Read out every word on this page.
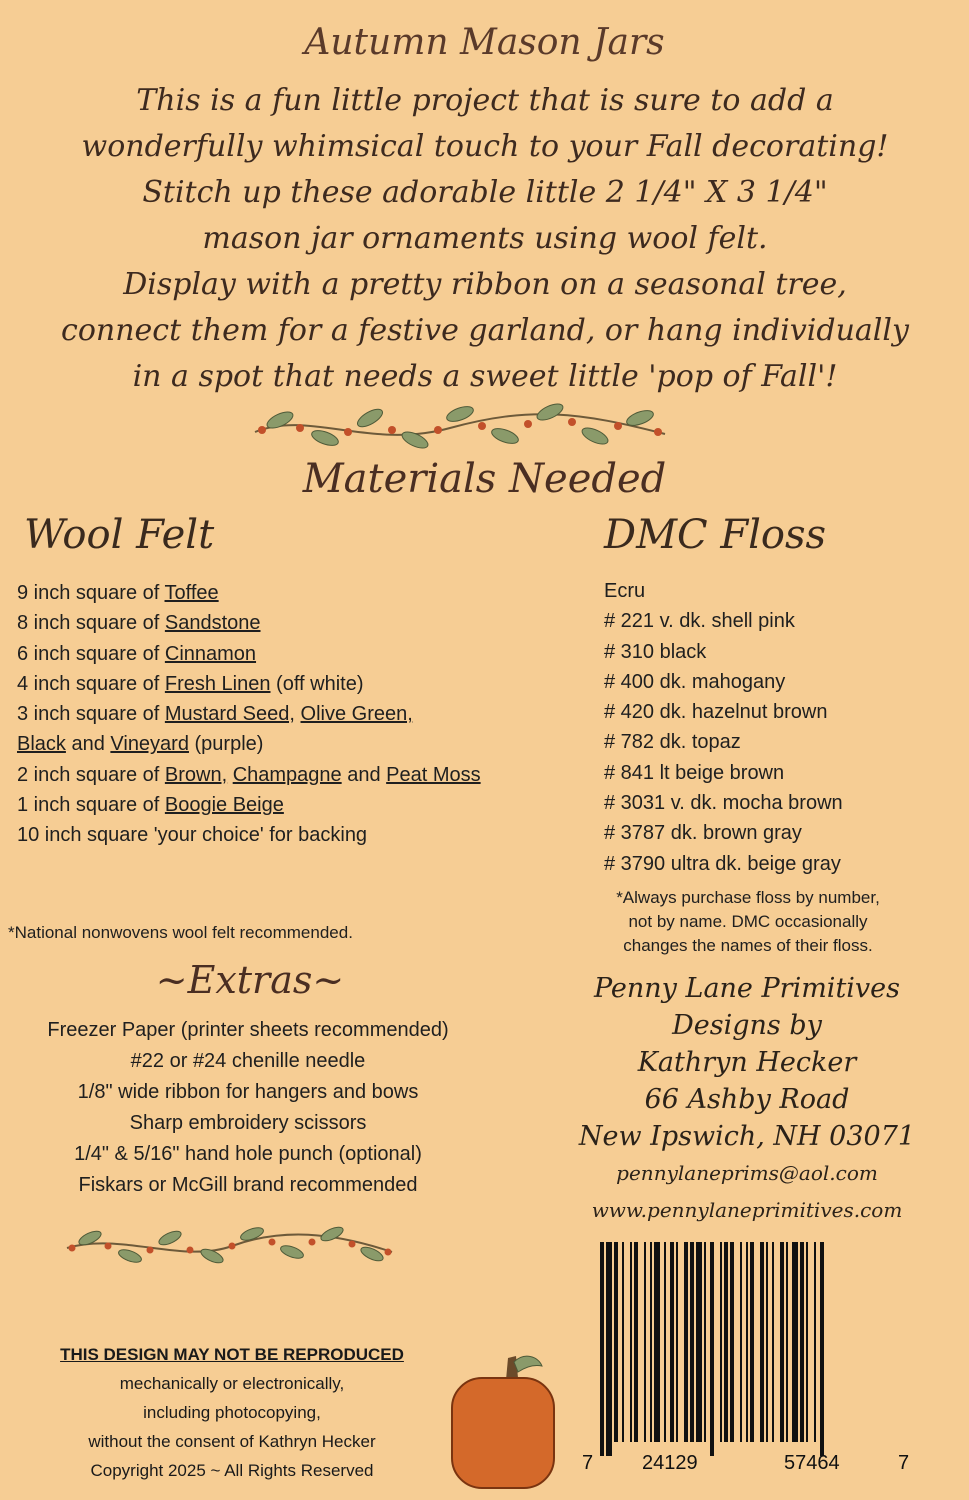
Autumn Mason Jars
This is a fun little project that is sure to add a
wonderfully whimsical touch to your Fall decorating!
Stitch up these adorable little 2 1/4" X 3 1/4"
mason jar ornaments using wool felt.
Display with a pretty ribbon on a seasonal tree,
connect them for a festive garland, or hang individually
in a spot that needs a sweet little 'pop of Fall'!
Materials Needed
Wool Felt
9 inch square of Toffee
8 inch square of Sandstone
6 inch square of Cinnamon
4 inch square of Fresh Linen (off white)
3 inch square of Mustard Seed, Olive Green,
Black and Vineyard (purple)
2 inch square of Brown, Champagne and Peat Moss
1 inch square of Boogie Beige
10 inch square 'your choice' for backing
*National nonwovens wool felt recommended.
DMC Floss
Ecru
# 221 v. dk. shell pink
# 310 black
# 400 dk. mahogany
# 420 dk. hazelnut brown
# 782 dk. topaz
# 841 lt beige brown
# 3031 v. dk. mocha brown
# 3787 dk. brown gray
# 3790 ultra dk. beige gray
*Always purchase floss by number,
not by name. DMC occasionally
changes the names of their floss.
~Extras~
Freezer Paper (printer sheets recommended)
#22 or #24 chenille needle
1/8" wide ribbon for hangers and bows
Sharp embroidery scissors
1/4" & 5/16" hand hole punch (optional)
Fiskars or McGill brand recommended
Penny Lane Primitives
Designs by
Kathryn Hecker
66 Ashby Road
New Ipswich, NH 03071
pennylaneprims@aol.com
www.pennylaneprimitives.com
THIS DESIGN MAY NOT BE REPRODUCED
mechanically or electronically,
including photocopying,
without the consent of Kathryn Hecker
Copyright 2025 ~ All Rights Reserved	7 24129	57464	7
